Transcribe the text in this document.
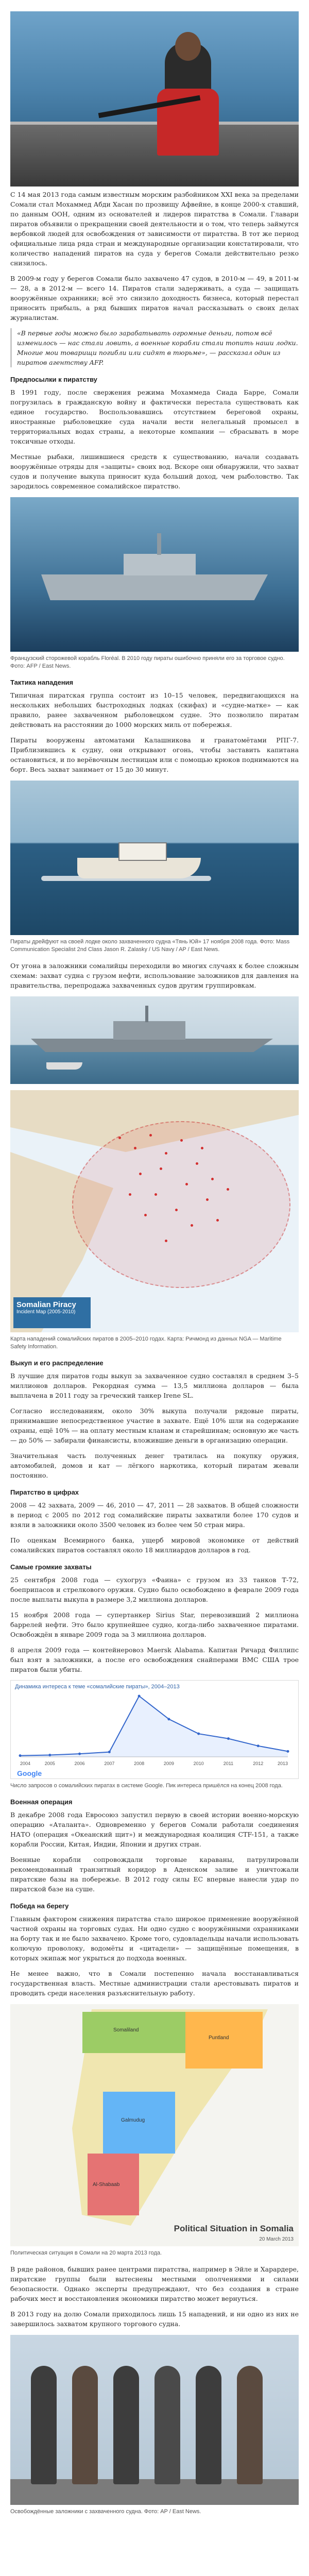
С 14 мая 2013 года самым известным морским разбойником XXI века за пределами Сомали стал Мохаммед Абди Хасан по прозвищу Афвейне, в конце 2000-х ставший, по данным ООН, одним из основателей и лидеров пиратства в Сомали. Главари пиратов объявили о прекращении своей деятельности и о том, что теперь займутся вербовкой людей для освобождения от зависимости от пиратства. В тот же период официальные лица ряда стран и международные организации констатировали, что количество нападений пиратов на суда у берегов Сомали действительно резко снизилось.

В 2009-м году у берегов Сомали было захвачено 47 судов, в 2010-м — 49, в 2011-м — 28, а в 2012-м — всего 14. Пиратов стали задерживать, а суда — защищать вооружённые охранники; всё это снизило доходность бизнеса, который перестал приносить прибыль, а ряд бывших пиратов начал рассказывать о своих делах журналистам.

«В первые годы можно было зарабатывать огромные деньги, потом всё изменилось — нас стали ловить, а военные корабли стали топить наши лодки. Многие мои товарищи погибли или сидят в тюрьме», — рассказал один из пиратов агентству AFP.

Предпосылки к пиратству

В 1991 году, после свержения режима Мохаммеда Сиада Барре, Сомали погрузилась в гражданскую войну и фактически перестала существовать как единое государство. Воспользовавшись отсутствием береговой охраны, иностранные рыболовецкие суда начали вести нелегальный промысел в территориальных водах страны, а некоторые компании — сбрасывать в море токсичные отходы.

Местные рыбаки, лишившиеся средств к существованию, начали создавать вооружённые отряды для «защиты» своих вод. Вскоре они обнаружили, что захват судов и получение выкупа приносит куда больший доход, чем рыболовство. Так зародилось современное сомалийское пиратство.

Французский сторожевой корабль Floréal. В 2010 году пираты ошибочно приняли его за торговое судно. Фото: AFP / East News.

Тактика нападения

Типичная пиратская группа состоит из 10–15 человек, передвигающихся на нескольких небольших быстроходных лодках (скифах) и «судне-матке» — как правило, ранее захваченном рыболовецком судне. Это позволило пиратам действовать на расстоянии до 1000 морских миль от побережья.

Пираты вооружены автоматами Калашникова и гранатомётами РПГ-7. Приблизившись к судну, они открывают огонь, чтобы заставить капитана остановиться, и по верёвочным лестницам или с помощью крюков поднимаются на борт. Весь захват занимает от 15 до 30 минут.

Пираты дрейфуют на своей лодке около захваченного судна «Тянь Юй» 17 ноября 2008 года. Фото: Mass Communication Specialist 2nd Class Jason R. Zalasky / US Navy / AP / East News.

От угона в заложники сомалийцы переходили во многих случаях к более сложным схемам: захват судна с грузом нефти, использование заложников для давления на правительства, перепродажа захваченных судов другим группировкам.

Somalian Piracy
Incident Map (2005-2010)

Карта нападений сомалийских пиратов в 2005–2010 годах. Карта: Ричмонд из данных NGA — Maritime Safety Information.

Выкуп и его распределение

В лучшие для пиратов годы выкуп за захваченное судно составлял в среднем 3–5 миллионов долларов. Рекордная сумма — 13,5 миллиона долларов — была выплачена в 2011 году за греческий танкер Irene SL.

Согласно исследованиям, около 30% выкупа получали рядовые пираты, принимавшие непосредственное участие в захвате. Ещё 10% шли на содержание охраны, ещё 10% — на оплату местным кланам и старейшинам; основную же часть — до 50% — забирали финансисты, вложившие деньги в организацию операции.

Значительная часть полученных денег тратилась на покупку оружия, автомобилей, домов и кат — лёгкого наркотика, который пиратам жевали постоянно.

Пиратство в цифрах

2008 — 42 захвата, 2009 — 46, 2010 — 47, 2011 — 28 захватов. В общей сложности в период с 2005 по 2012 год сомалийские пираты захватили более 170 судов и взяли в заложники около 3500 человек из более чем 50 стран мира.

По оценкам Всемирного банка, ущерб мировой экономике от действий сомалийских пиратов составлял около 18 миллиардов долларов в год.

Самые громкие захваты

25 сентября 2008 года — сухогруз «Фаина» с грузом из 33 танков Т-72, боеприпасов и стрелкового оружия. Судно было освобождено в феврале 2009 года после выплаты выкупа в размере 3,2 миллиона долларов.

15 ноября 2008 года — супертанкер Sirius Star, перевозивший 2 миллиона баррелей нефти. Это было крупнейшее судно, когда-либо захваченное пиратами. Освобождён в январе 2009 года за 3 миллиона долларов.

8 апреля 2009 года — контейнеровоз Maersk Alabama. Капитан Ричард Филлипс был взят в заложники, а после его освобождения снайперами ВМС США трое пиратов были убиты.

Динамика интереса к теме «сомалийские пираты», 2004–2013
2004	2005	2006	2007	2008	2009	2010	2011	2012	2013
Google

Число запросов о сомалийских пиратах в системе Google. Пик интереса пришёлся на конец 2008 года.

Военная операция

В декабре 2008 года Евросоюз запустил первую в своей истории военно-морскую операцию «Аталанта». Одновременно у берегов Сомали работали соединения НАТО (операция «Океанский щит») и международная коалиция CTF-151, а также корабли России, Китая, Индии, Японии и других стран.

Военные корабли сопровождали торговые караваны, патрулировали рекомендованный транзитный коридор в Аденском заливе и уничтожали пиратские базы на побережье. В 2012 году силы ЕС впервые нанесли удар по пиратской базе на суше.

Победа на берегу

Главным фактором снижения пиратства стало широкое применение вооружённой частной охраны на торговых судах. Ни одно судно с вооружёнными охранниками на борту так и не было захвачено. Кроме того, судовладельцы начали использовать колючую проволоку, водомёты и «цитадели» — защищённые помещения, в которых экипаж мог укрыться до подхода военных.

Не менее важно, что в Сомали постепенно начала восстанавливаться государственная власть. Местные администрации стали арестовывать пиратов и проводить среди населения разъяснительную работу.

Somaliland
Puntland
Galmudug
Al-Shabaab
Political Situation in Somalia
20 March 2013

Политическая ситуация в Сомали на 20 марта 2013 года.

В ряде районов, бывших ранее центрами пиратства, например в Эйле и Харардере, пиратские группы были вытеснены местными ополчениями и силами безопасности. Однако эксперты предупреждают, что без создания в стране рабочих мест и восстановления экономики пиратство может вернуться.

В 2013 году на долю Сомали приходилось лишь 15 нападений, и ни одно из них не завершилось захватом крупного торгового судна.

Освобождённые заложники с захваченного судна. Фото: AP / East News.
